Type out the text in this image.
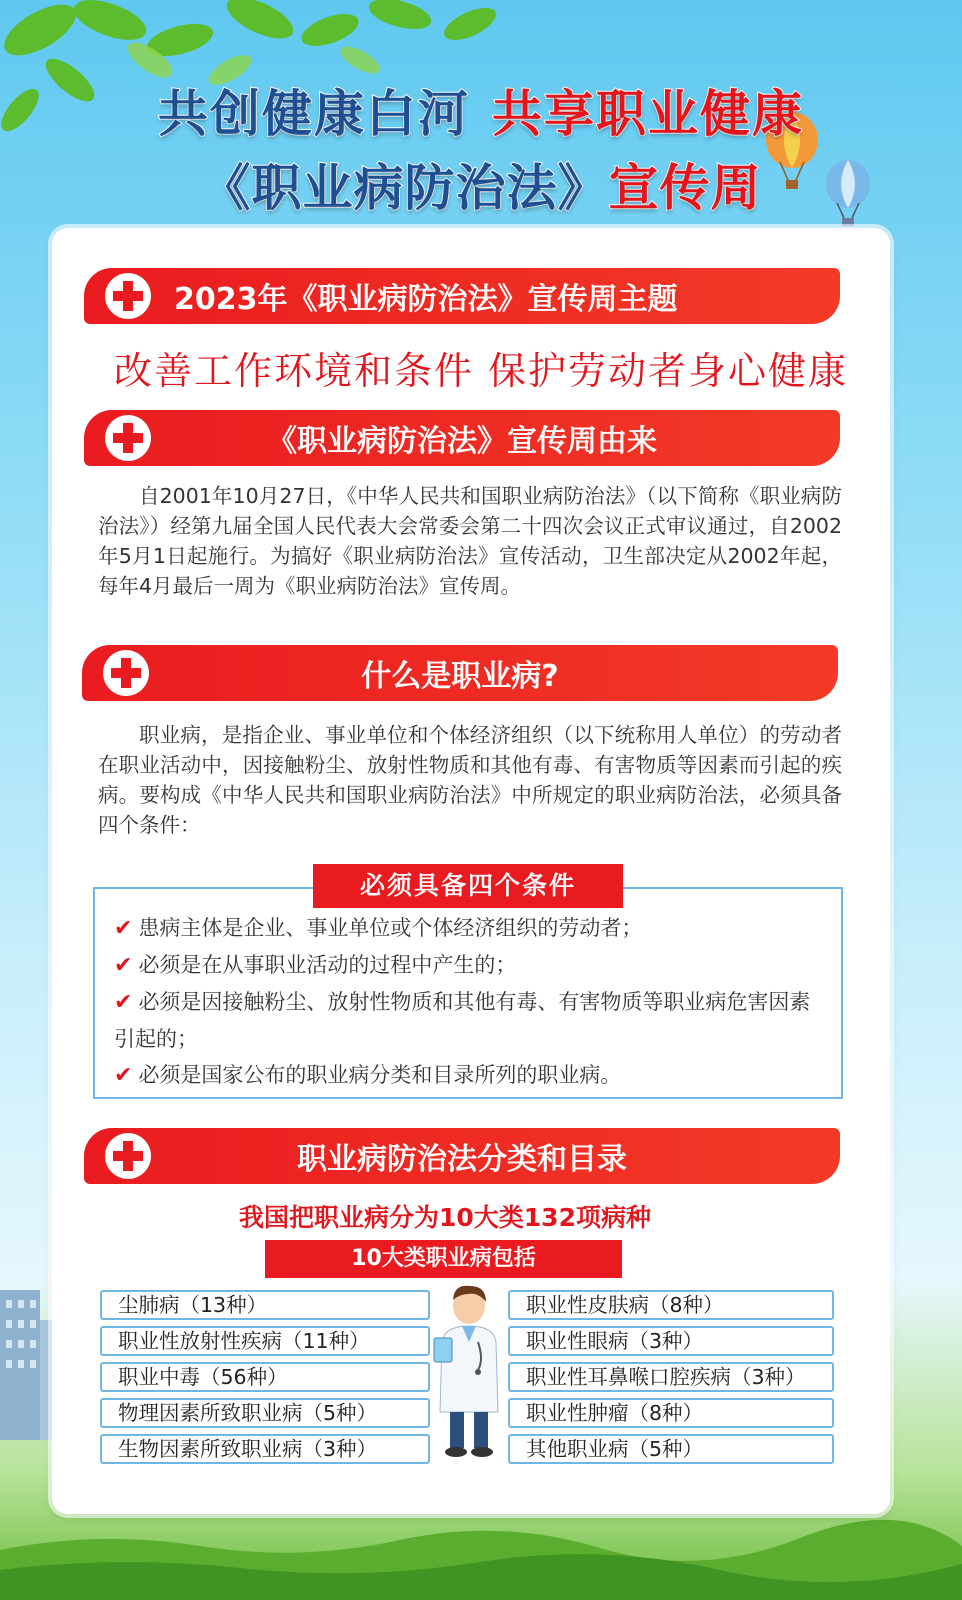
共创健康白河 共享职业健康
《职业病防治法》宣传周
2023年《职业病防治法》宣传周主题
改善工作环境和条件 保护劳动者身心健康
《职业病防治法》宣传周由来
自2001年10月27日，《中华人民共和国职业病防治法》（以下简称《职业病防治法》）经第九届全国人民代表大会常委会第二十四次会议正式审议通过，自2002年5月1日起施行。为搞好《职业病防治法》宣传活动，卫生部决定从2002年起，每年4月最后一周为《职业病防治法》宣传周。
什么是职业病?
职业病，是指企业、事业单位和个体经济组织（以下统称用人单位）的劳动者在职业活动中，因接触粉尘、放射性物质和其他有毒、有害物质等因素而引起的疾病。要构成《中华人民共和国职业病防治法》中所规定的职业病防治法，必须具备四个条件：
必须具备四个条件

✔ 患病主体是企业、事业单位或个体经济组织的劳动者；

✔ 必须是在从事职业活动的过程中产生的；

✔ 必须是因接触粉尘、放射性物质和其他有毒、有害物质等职业病危害因素引起的；

✔ 必须是国家公布的职业病分类和目录所列的职业病。

职业病防治法分类和目录
我国把职业病分为10大类132项病种
10大类职业病包括
尘肺病（13种）
职业性放射性疾病（11种）
职业中毒（56种）
物理因素所致职业病（5种）
生物因素所致职业病（3种）
职业性皮肤病（8种）
职业性眼病（3种）
职业性耳鼻喉口腔疾病（3种）
职业性肿瘤（8种）
其他职业病（5种）
